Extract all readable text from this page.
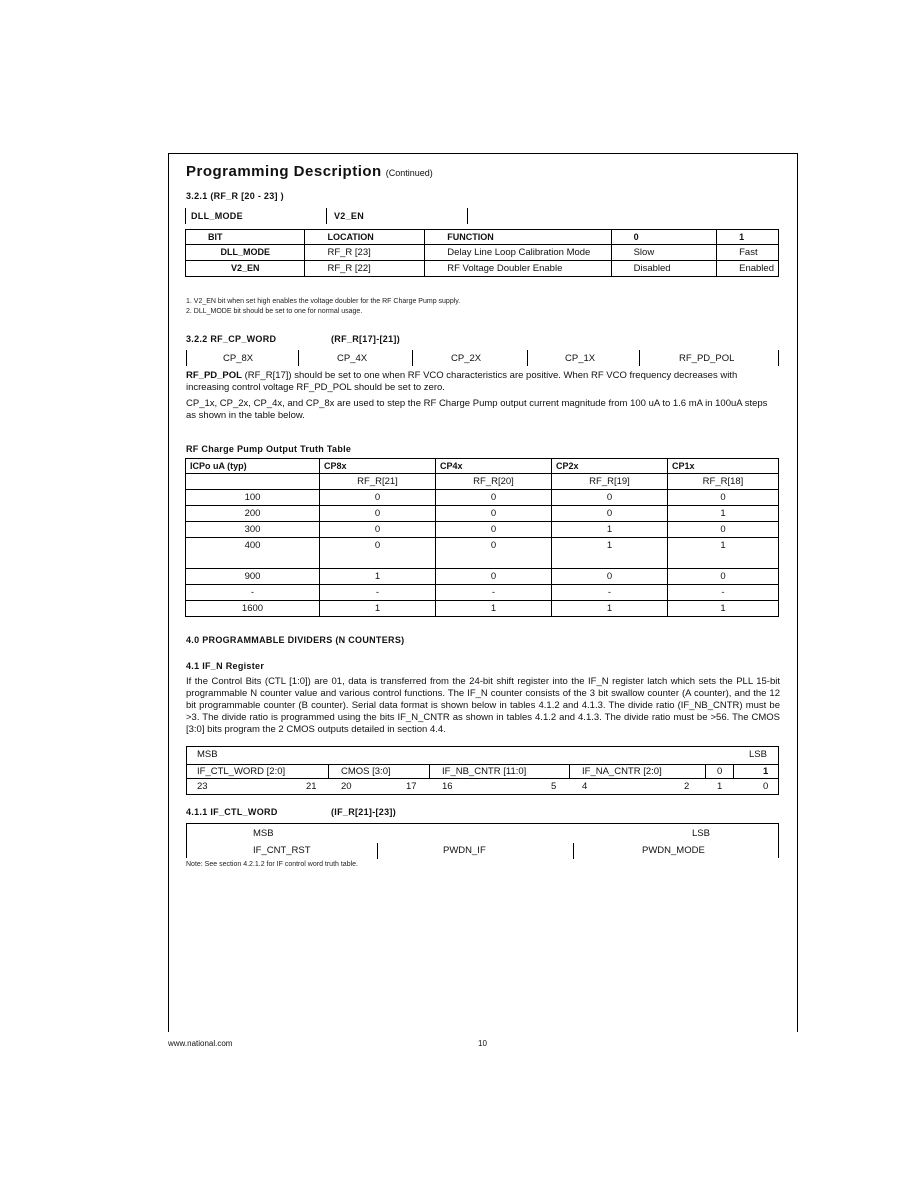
Programming Description (Continued)
3.2.1 (RF_R [20 - 23] )
DLL_MODE	V2_EN
BIT	LOCATION	FUNCTION	0	1
DLL_MODE	RF_R [23]	Delay Line Loop Calibration Mode	Slow	Fast
V2_EN	RF_R [22]	RF Voltage Doubler Enable	Disabled	Enabled
1. V2_EN bit when set high enables the voltage doubler for the RF Charge Pump supply.
2. DLL_MODE bit should be set to one for normal usage.
3.2.2 RF_CP_WORD	(RF_R[17]-[21])
CP_8X	CP_4X	CP_2X	CP_1X	RF_PD_POL
RF_PD_POL (RF_R[17]) should be set to one when RF VCO characteristics are positive. When RF VCO frequency decreases with increasing control voltage RF_PD_POL should be set to zero.
CP_1x, CP_2x, CP_4x, and CP_8x are used to step the RF Charge Pump output current magnitude from 100 uA to 1.6 mA in 100uA steps as shown in the table below.
RF Charge Pump Output Truth Table
ICPo uA (typ)	CP8x	CP4x	CP2x	CP1x
	RF_R[21]	RF_R[20]	RF_R[19]	RF_R[18]
100	0	0	0	0
200	0	0	0	1
300	0	0	1	0
400	0	0	1	1
900	1	0	0	0
-	-	-	-	-
1600	1	1	1	1
4.0 PROGRAMMABLE DIVIDERS (N COUNTERS)
4.1 IF_N Register
If the Control Bits (CTL [1:0]) are 01, data is transferred from the 24-bit shift register into the IF_N register latch which sets the PLL 15-bit programmable N counter value and various control functions. The IF_N counter consists of the 3 bit swallow counter (A counter), and the 12 bit programmable counter (B counter). Serial data format is shown below in tables 4.1.2 and 4.1.3. The divide ratio (IF_NB_CNTR) must be >3. The divide ratio is programmed using the bits IF_N_CNTR as shown in tables 4.1.2 and 4.1.3. The divide ratio must be >56. The CMOS [3:0] bits program the 2 CMOS outputs detailed in section 4.4.
MSB	LSB
IF_CTL_WORD [2:0]	CMOS [3:0]	IF_NB_CNTR [11:0]	IF_NA_CNTR [2:0]	0	1
23	21	20	17	16	5	4	2	1	0
4.1.1 IF_CTL_WORD	(IF_R[21]-[23])
MSB	LSB
IF_CNT_RST	PWDN_IF	PWDN_MODE
Note: See section 4.2.1.2 for IF control word truth table.
www.national.com	10
